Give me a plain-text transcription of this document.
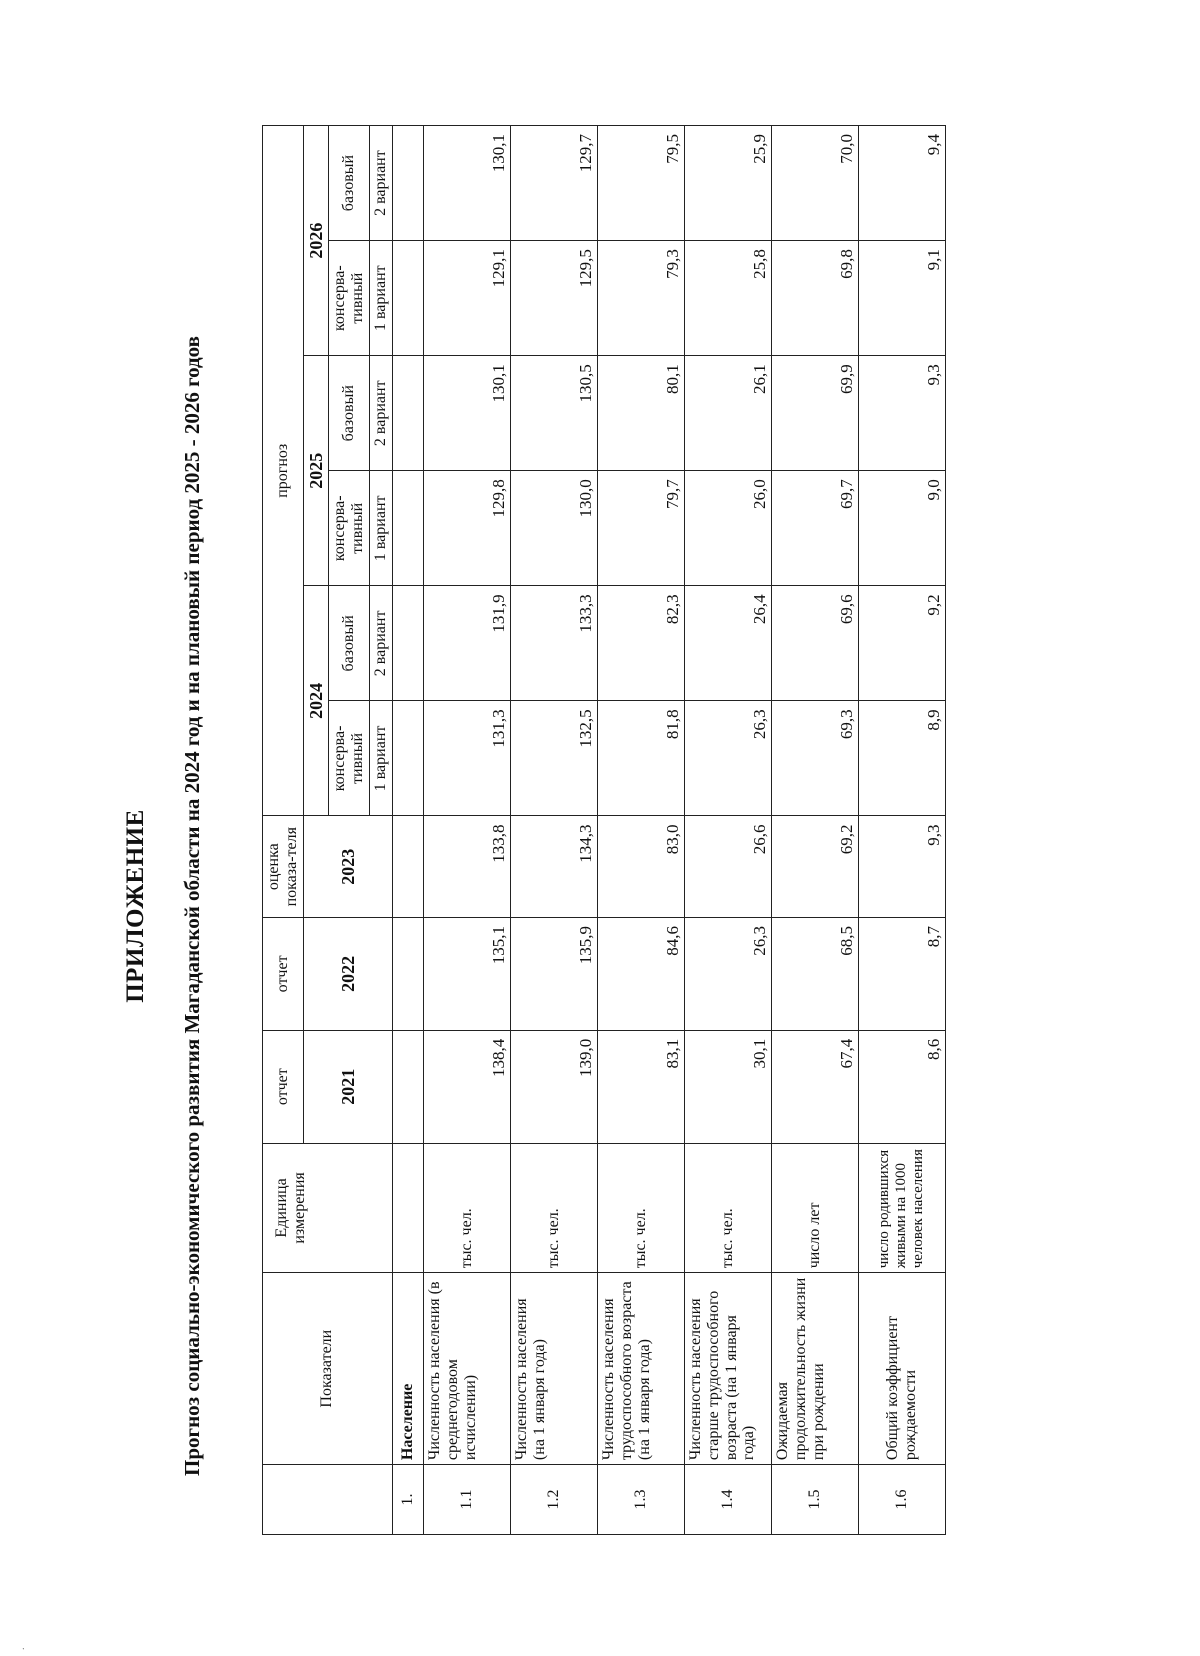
.
ПРИЛОЖЕНИЕ Прогноз социально-экономического развития Магаданской области на 2024 год и на плановый период 2025 - 2026 годов
		Показатели	Единица измерения	отчет	отчет	оценка показа-теля	прогноз					
			2021	2022	2023	2024		2025		2026	
						консерва-тивный	базовый	консерва-тивный	базовый	консерва-тивный	базовый
						1 вариант	2 вариант	1 вариант	2 вариант	1 вариант	2 вариант
1.	Население										
1.1	Численность населения (в среднегодовом исчислении)	тыс. чел.	138,4	135,1	133,8	131,3	131,9	129,8	130,1	129,1	130,1
1.2	Численность населения (на 1 января года)	тыс. чел.	139,0	135,9	134,3	132,5	133,3	130,0	130,5	129,5	129,7
1.3	Численность населения трудоспособного возраста (на 1 января года)	тыс. чел.	83,1	84,6	83,0	81,8	82,3	79,7	80,1	79,3	79,5
1.4	Численность населения старше трудоспособного возраста (на 1 января года)	тыс. чел.	30,1	26,3	26,6	26,3	26,4	26,0	26,1	25,8	25,9
1.5	Ожидаемая продолжительность жизни при рождении	число лет	67,4	68,5	69,2	69,3	69,6	69,7	69,9	69,8	70,0
1.6	Общий коэффициент рождаемости	число родившихся живыми на 1000 человек населения	8,6	8,7	9,3	8,9	9,2	9,0	9,3	9,1	9,4
